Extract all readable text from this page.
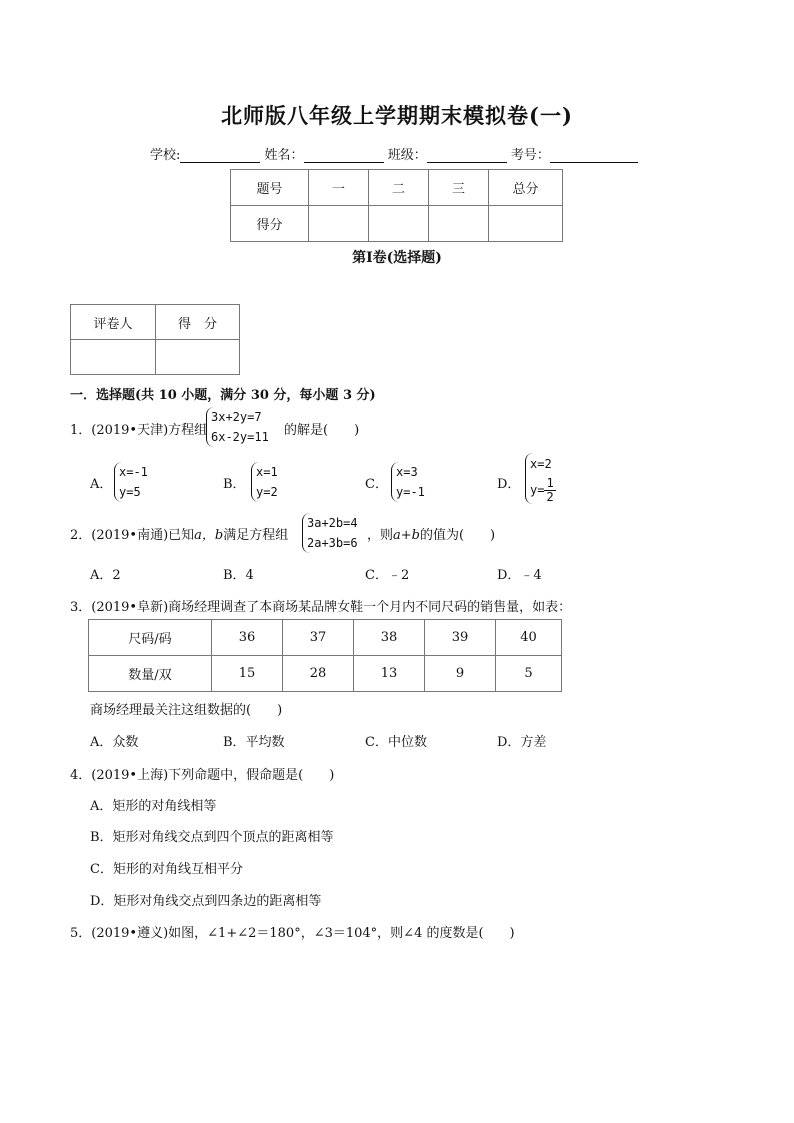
北师版八年级上学期期末模拟卷(一)
学校:	姓名：	班级：	考号：
题号	一	二	三	总分
得分				
第Ⅰ卷(选择题)
评卷人	得　分

一．选择题(共 10 小题，满分 30 分，每小题 3 分)
1．(2019•天津)方程组
3x+2y=7
6x-2y=11 的解是(　　)
A．
x=-1
y=5	B．
x=1
y=2	C．
x=3
y=-1	D．
x=2
$y= \frac{1}{2}$
2．(2019•南通)已知a，b满足方程组
3a+2b=4
2a+3b=6 ，则a+b的值为(　　)
A．2	B．4	C．﹣2	D．﹣4
3．(2019•阜新)商场经理调查了本商场某品牌女鞋一个月内不同尺码的销售量，如表：
尺码/码	36	37	38	39	40
数量/双	15	28	13	9	5
商场经理最关注这组数据的(　　)
A．众数	B．平均数	C．中位数	D．方差
4．(2019•上海)下列命题中，假命题是(　　)
A．矩形的对角线相等
B．矩形对角线交点到四个顶点的距离相等
C．矩形的对角线互相平分
D．矩形对角线交点到四条边的距离相等
5．(2019•遵义)如图，∠1+∠2＝180°，∠3＝104°，则∠4 的度数是(　　)
